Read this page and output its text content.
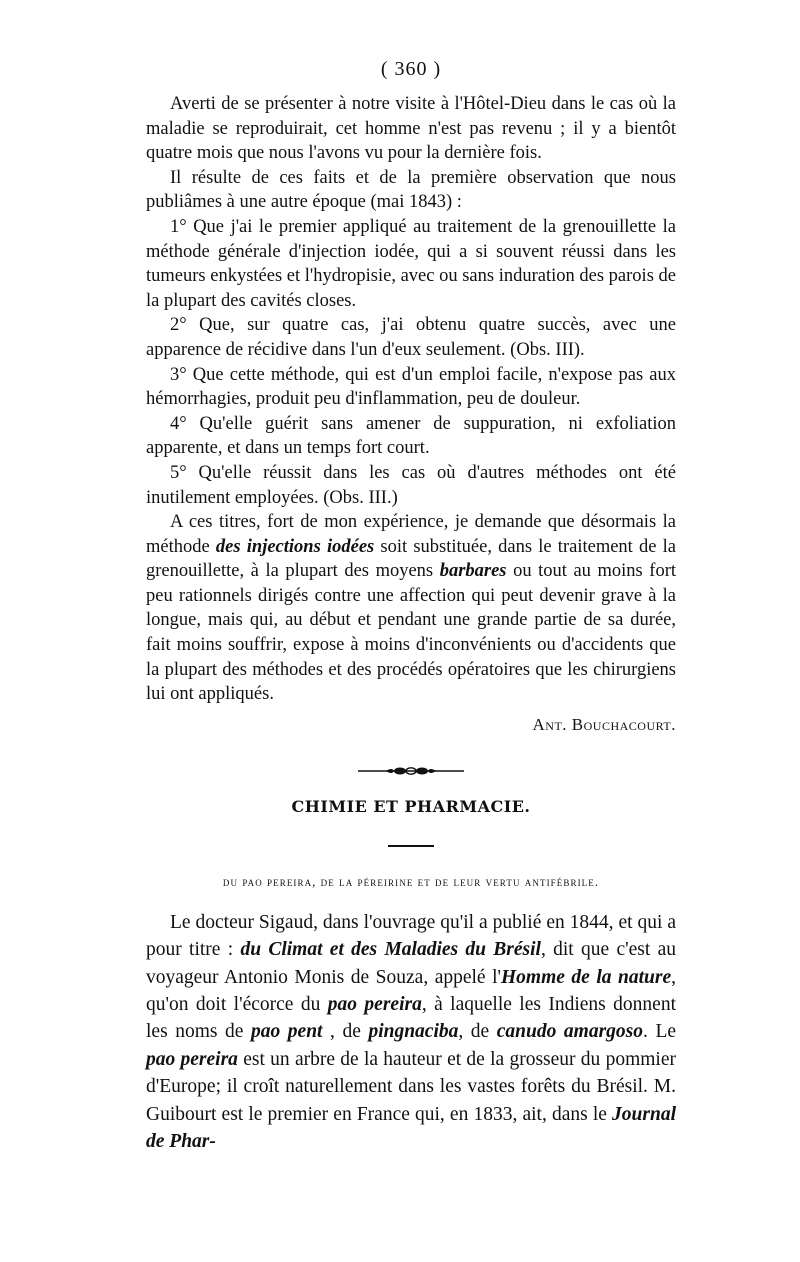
( 360 )

Averti de se présenter à notre visite à l'Hôtel-Dieu dans le cas où la maladie se reproduirait, cet homme n'est pas revenu ; il y a bientôt quatre mois que nous l'avons vu pour la dernière fois.

Il résulte de ces faits et de la première observation que nous publiâmes à une autre époque (mai 1843) :

1° Que j'ai le premier appliqué au traitement de la grenouillette la méthode générale d'injection iodée, qui a si souvent réussi dans les tumeurs enkystées et l'hydropisie, avec ou sans induration des parois de la plupart des cavités closes.

2° Que, sur quatre cas, j'ai obtenu quatre succès, avec une apparence de récidive dans l'un d'eux seulement. (Obs. III).

3° Que cette méthode, qui est d'un emploi facile, n'expose pas aux hémorrhagies, produit peu d'inflammation, peu de douleur.

4° Qu'elle guérit sans amener de suppuration, ni exfoliation apparente, et dans un temps fort court.

5° Qu'elle réussit dans les cas où d'autres méthodes ont été inutilement employées. (Obs. III.)

A ces titres, fort de mon expérience, je demande que désormais la méthode des injections iodées soit substituée, dans le traitement de la grenouillette, à la plupart des moyens barbares ou tout au moins fort peu rationnels dirigés contre une affection qui peut devenir grave à la longue, mais qui, au début et pendant une grande partie de sa durée, fait moins souffrir, expose à moins d'inconvénients ou d'accidents que la plupart des méthodes et des procédés opératoires que les chirurgiens lui ont appliqués.

Ant. Bouchacourt.
CHIMIE ET PHARMACIE.
du pao pereira, de la péreirine et de leur vertu antifébrile.

Le docteur Sigaud, dans l'ouvrage qu'il a publié en 1844, et qui a pour titre : du Climat et des Maladies du Brésil, dit que c'est au voyageur Antonio Monis de Souza, appelé l'Homme de la nature, qu'on doit l'écorce du pao pereira, à laquelle les Indiens donnent les noms de pao pent , de pingnaciba, de canudo amargoso. Le pao pereira est un arbre de la hauteur et de la grosseur du pommier d'Europe; il croît naturellement dans les vastes forêts du Brésil. M. Guibourt est le premier en France qui, en 1833, ait, dans le Journal de Phar-
